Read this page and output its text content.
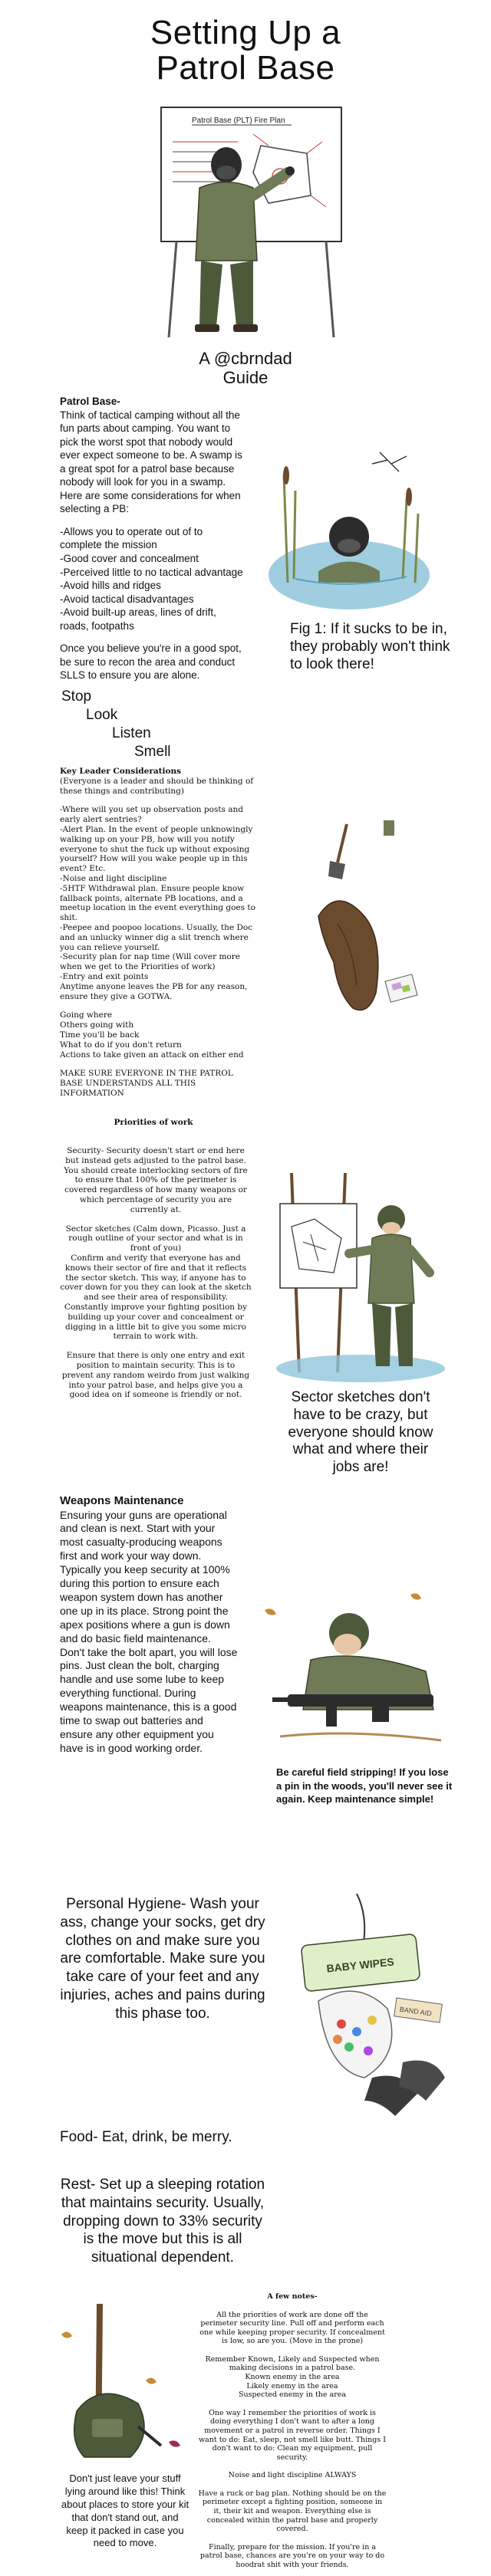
Setting Up a
Patrol Base
Patrol Base (PLT) Fire Plan
A @cbrndad
Guide

Patrol Base-

Think of tactical camping without all the fun parts about camping. You want to pick the worst spot that nobody would ever expect someone to be. A swamp is a great spot for a patrol base because nobody will look for you in a swamp.

Here are some considerations for when selecting a PB:

-Allows you to operate out of to complete the mission

-Good cover and concealment

-Perceived little to no tactical advantage

-Avoid hills and ridges

-Avoid tactical disadvantages

-Avoid built-up areas, lines of drift, roads, footpaths

Once you believe you're in a good spot, be sure to recon the area and conduct SLLS to ensure you are alone.

Fig 1: If it sucks to be in, they probably won't think to look there!
Stop
Look
Listen
Smell

Key Leader Considerations

(Everyone is a leader and should be thinking of these things and contributing)

-Where will you set up observation posts and early alert sentries?

-Alert Plan. In the event of people unknowingly walking up on your PB, how will you notify everyone to shut the fuck up without exposing yourself? How will you wake people up in this event? Etc.

-Noise and light discipline

-5HTF Withdrawal plan. Ensure people know fallback points, alternate PB locations, and a meetup location in the event everything goes to shit.

-Peepee and poopoo locations. Usually, the Doc and an unlucky winner dig a slit trench where you can relieve yourself.

-Security plan for nap time (Will cover more when we get to the Priorities of work)

-Entry and exit points

Anytime anyone leaves the PB for any reason, ensure they give a GOTWA.

Going where

Others going with

Time you'll be back

What to do if you don't return

Actions to take given an attack on either end

MAKE SURE EVERYONE IN THE PATROL BASE UNDERSTANDS ALL THIS INFORMATION

Priorities of work

Security- Security doesn't start or end here but instead gets adjusted to the patrol base. You should create interlocking sectors of fire to ensure that 100% of the perimeter is covered regardless of how many weapons or which percentage of security you are currently at.

Sector sketches (Calm down, Picasso. Just a rough outline of your sector and what is in front of you)

Confirm and verify that everyone has and knows their sector of fire and that it reflects the sector sketch. This way, if anyone has to cover down for you they can look at the sketch and see their area of responsibility.

Constantly improve your fighting position by building up your cover and concealment or digging in a little bit to give you some micro terrain to work with.

Ensure that there is only one entry and exit position to maintain security. This is to prevent any random weirdo from just walking into your patrol base, and helps give you a good idea on if someone is friendly or not.	Sector sketches don't have to be crazy, but everyone should know what and where their jobs are!

Weapons Maintenance

Ensuring your guns are operational and clean is next. Start with your most casualty-producing weapons first and work your way down. Typically you keep security at 100% during this portion to ensure each weapon system down has another one up in its place. Strong point the apex positions where a gun is down and do basic field maintenance. Don't take the bolt apart, you will lose pins. Just clean the bolt, charging handle and use some lube to keep everything functional. During weapons maintenance, this is a good time to swap out batteries and ensure any other equipment you have is in good working order.

Be careful field stripping! If you lose a pin in the woods, you'll never see it again. Keep maintenance simple!
Personal Hygiene- Wash your ass, change your socks, get dry clothes on and make sure you are comfortable. Make sure you take care of your feet and any injuries, aches and pains during this phase too.
BABY WIPES
BAND AID
Food- Eat, drink, be merry.
Rest- Set up a sleeping rotation that maintains security. Usually, dropping down to 33% security is the move but this is all situational dependent.

A few notes-

All the priorities of work are done off the perimeter security line. Pull off and perform each one while keeping proper security. If concealment is low, so are you. (Move in the prone)

Remember Known, Likely and Suspected when making decisions in a patrol base.

Known enemy in the area

Likely enemy in the area

Suspected enemy in the area

One way I remember the priorities of work is doing everything I don't want to after a long movement or a patrol in reverse order. Things I want to do: Eat, sleep, not smell like butt. Things I don't want to do: Clean my equipment, pull security.

Noise and light discipline ALWAYS

Have a ruck or bag plan. Nothing should be on the perimeter except a fighting position, someone in it, their kit and weapon. Everything else is concealed within the patrol base and properly covered.

Finally, prepare for the mission. If you're in a patrol base, chances are you're on your way to do hoodrat shit with your friends.

Don't just leave your stuff lying around like this! Think about places to store your kit that don't stand out, and keep it packed in case you need to move.
